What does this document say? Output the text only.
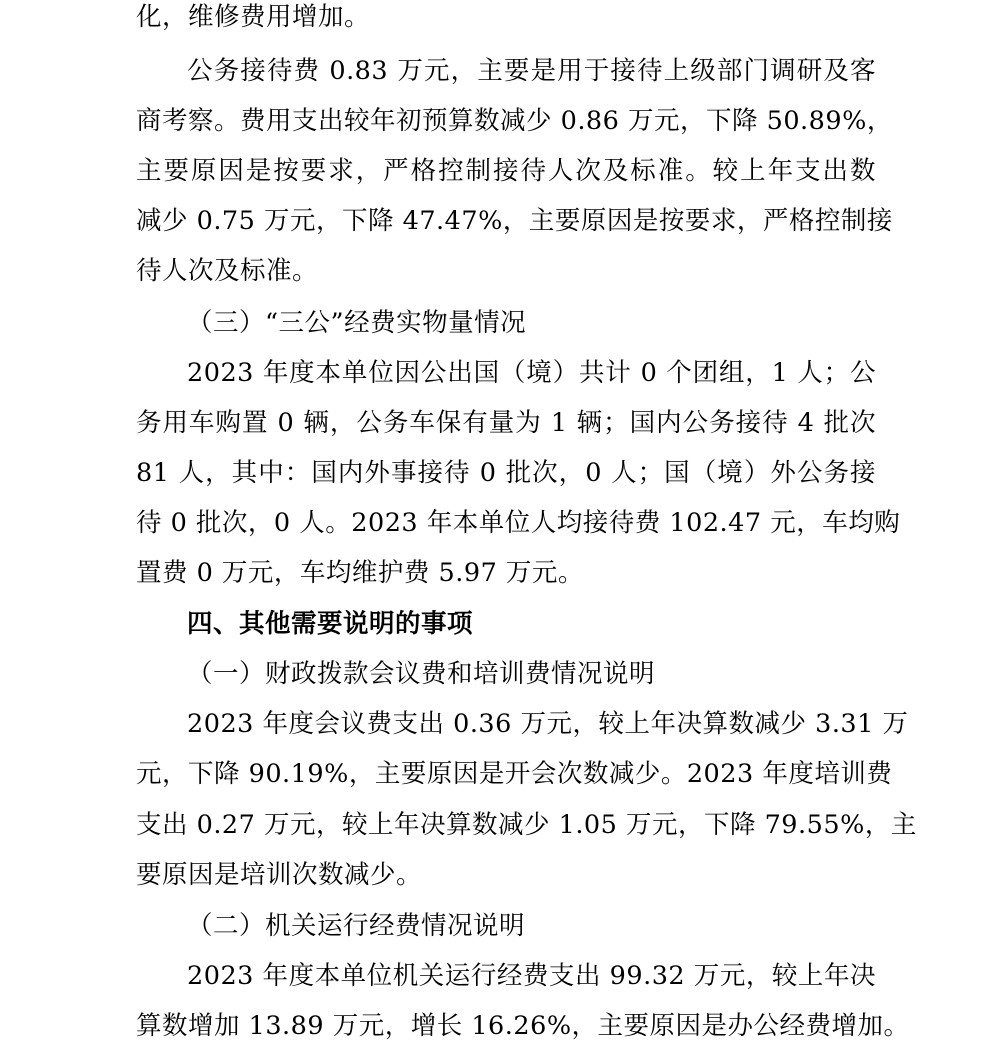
化，维修费用增加。
公务接待费 0.83 万元，主要是用于接待上级部门调研及客
商考察。费用支出较年初预算数减少 0.86 万元，下降 50.89%，
主要原因是按要求，严格控制接待人次及标准。较上年支出数
减少 0.75 万元，下降 47.47%，主要原因是按要求，严格控制接
待人次及标准。
（三）“三公”经费实物量情况
2023 年度本单位因公出国（境）共计 0 个团组，1 人；公
务用车购置 0 辆，公务车保有量为 1 辆；国内公务接待 4 批次
81 人，其中：国内外事接待 0 批次，0 人；国（境）外公务接
待 0 批次，0 人。2023 年本单位人均接待费 102.47 元，车均购
置费 0 万元，车均维护费 5.97 万元。
四、其他需要说明的事项
（一）财政拨款会议费和培训费情况说明
2023 年度会议费支出 0.36 万元，较上年决算数减少 3.31 万
元，下降 90.19%，主要原因是开会次数减少。2023 年度培训费
支出 0.27 万元，较上年决算数减少 1.05 万元，下降 79.55%，主
要原因是培训次数减少。
（二）机关运行经费情况说明
2023 年度本单位机关运行经费支出 99.32 万元，较上年决
算数增加 13.89 万元，增长 16.26%，主要原因是办公经费增加。
